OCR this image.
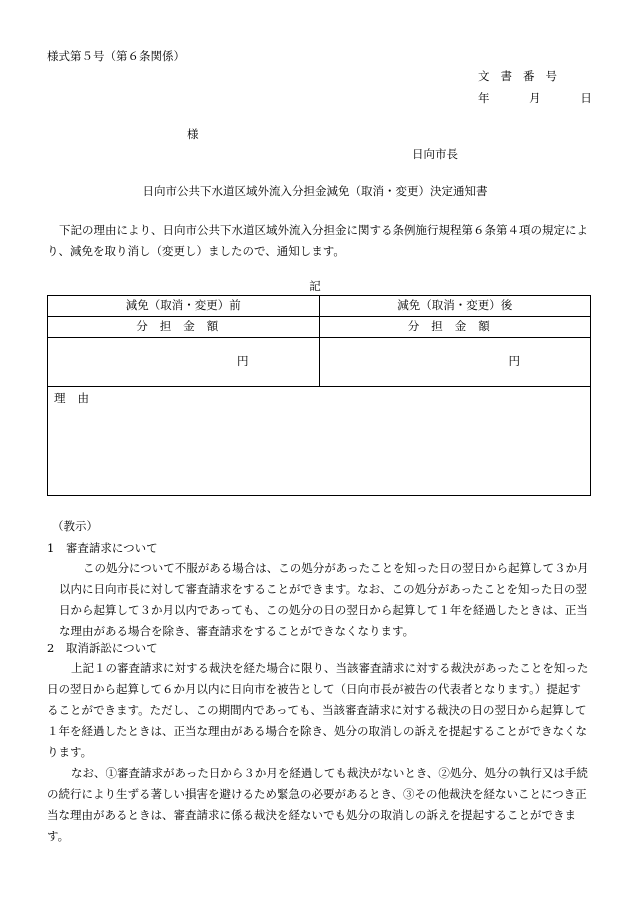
様式第５号（第６条関係）
文書番号
年	月	日
様
日向市長
日向市公共下水道区域外流入分担金減免（取消・変更）決定通知書
下記の理由により、日向市公共下水道区域外流入分担金に関する条例施行規程第６条第４項の規定により、減免を取り消し（変更し）ましたので、通知します。
記
減免（取消・変更）前	減免（取消・変更）後
分担金額	分担金額
円	円
理由	
（教示）
1　審査請求について
この処分について不服がある場合は、この処分があったことを知った日の翌日から起算して３か月以内に日向市長に対して審査請求をすることができます。なお、この処分があったことを知った日の翌日から起算して３か月以内であっても、この処分の日の翌日から起算して１年を経過したときは、正当な理由がある場合を除き、審査請求をすることができなくなります。
2　取消訴訟について
上記１の審査請求に対する裁決を経た場合に限り、当該審査請求に対する裁決があったことを知った日の翌日から起算して６か月以内に日向市を被告として（日向市長が被告の代表者となります。）提起することができます。ただし、この期間内であっても、当該審査請求に対する裁決の日の翌日から起算して１年を経過したときは、正当な理由がある場合を除き、処分の取消しの訴えを提起することができなくなります。
なお、①審査請求があった日から３か月を経過しても裁決がないとき、②処分、処分の執行又は手続の続行により生ずる著しい損害を避けるため緊急の必要があるとき、③その他裁決を経ないことにつき正当な理由があるときは、審査請求に係る裁決を経ないでも処分の取消しの訴えを提起することができます。
